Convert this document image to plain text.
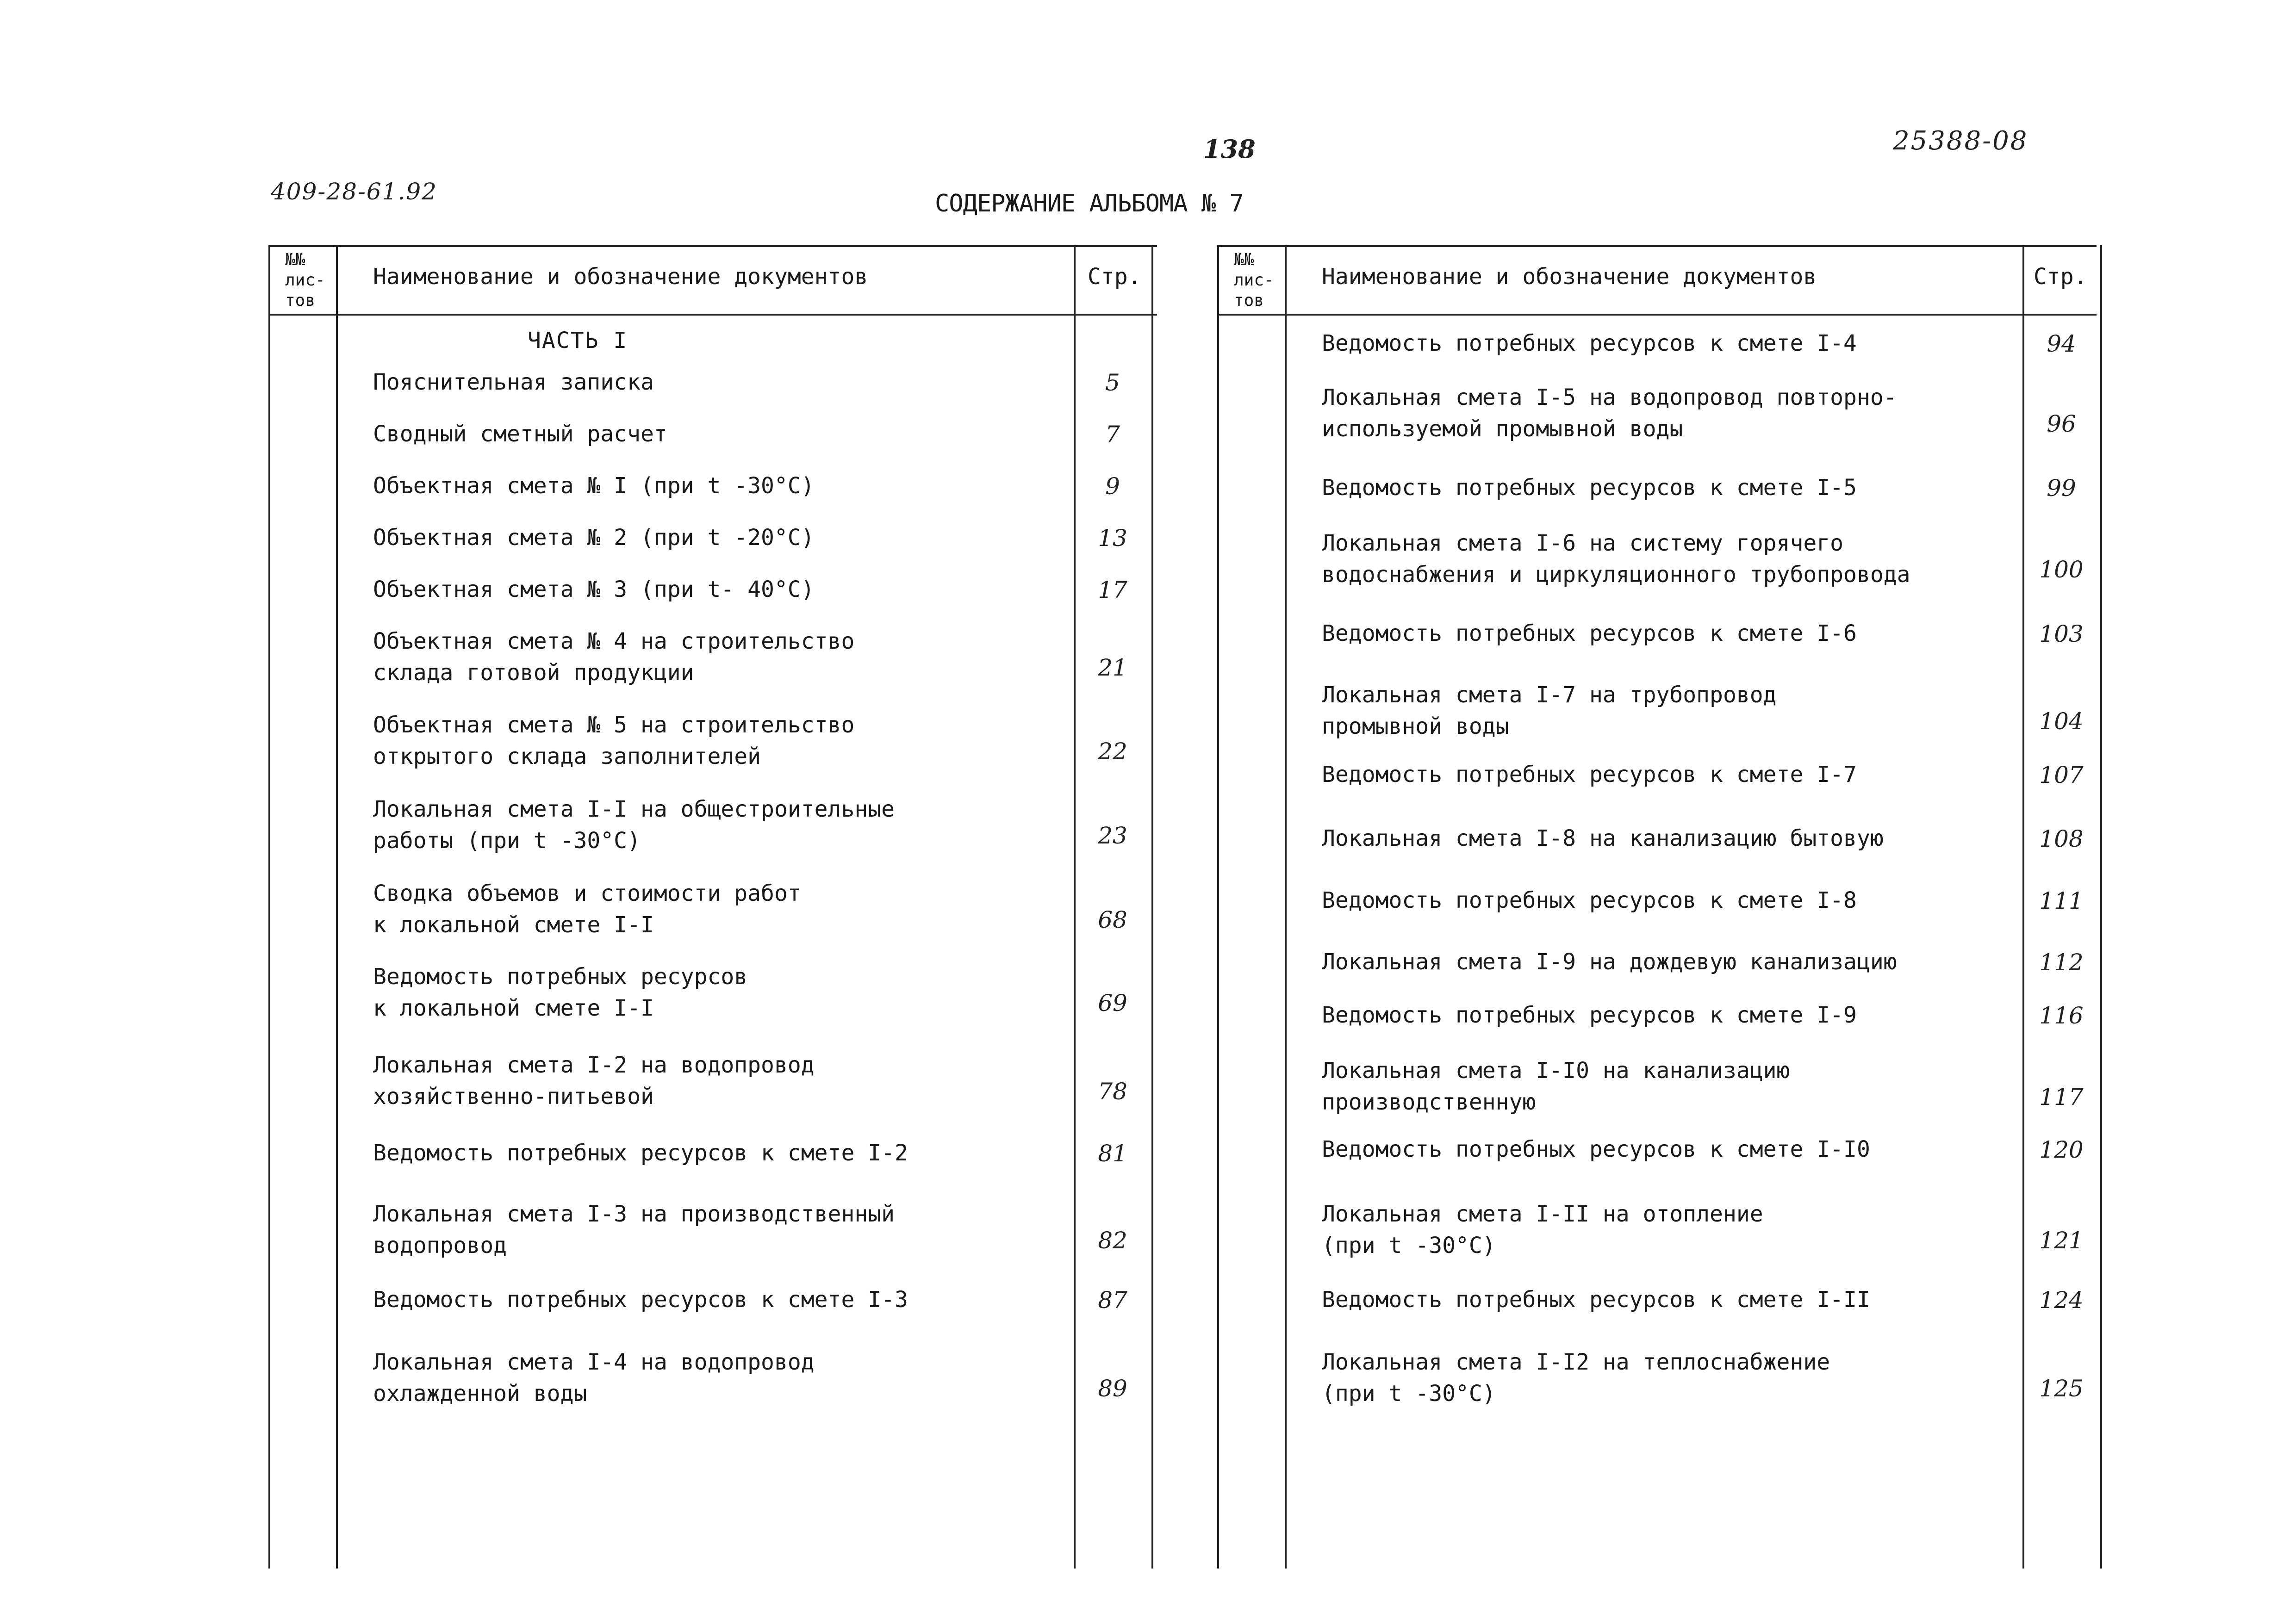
138	25388-08
409-28-61.92	СОДЕРЖАНИЕ АЛЬБОМА № 7
№№ лис- тов
Наименование и обозначение документов	Стр.
ЧАСТЬ I
Пояснительная записка	5
Сводный сметный расчет	7
Объектная смета № I (при t -30°С)	9
Объектная смета № 2 (при t -20°С)	13
Объектная смета № 3 (при t- 40°С)	17
Объектная смета № 4 на строительство
склада готовой продукции	21
Объектная смета № 5 на строительство
открытого склада заполнителей	22
Локальная смета I-I на общестроительные
работы (при t -30°С)	23
Сводка объемов и стоимости работ
к локальной смете I-I	68
Ведомость потребных ресурсов
к локальной смете I-I	69
Локальная смета I-2 на водопровод
хозяйственно-питьевой	78
Ведомость потребных ресурсов к смете I-2	81
Локальная смета I-3 на производственный
водопровод	82
Ведомость потребных ресурсов к смете I-3	87
Локальная смета I-4 на водопровод
охлажденной воды	89
№№ лис- тов
Наименование и обозначение документов	Стр.
Ведомость потребных ресурсов к смете I-4	94
Локальная смета I-5 на водопровод повторно-
используемой промывной воды	96
Ведомость потребных ресурсов к смете I-5	99
Локальная смета I-6 на систему горячего
водоснабжения и циркуляционного трубопровода	100
Ведомость потребных ресурсов к смете I-6	103
Локальная смета I-7 на трубопровод
промывной воды	104
Ведомость потребных ресурсов к смете I-7	107
Локальная смета I-8 на канализацию бытовую	108
Ведомость потребных ресурсов к смете I-8	111
Локальная смета I-9 на дождевую канализацию	112
Ведомость потребных ресурсов к смете I-9	116
Локальная смета I-I0 на канализацию
производственную	117
Ведомость потребных ресурсов к смете I-I0	120
Локальная смета I-II на отопление
(при t -30°С)	121
Ведомость потребных ресурсов к смете I-II	124
Локальная смета I-I2 на теплоснабжение
(при t -30°С)	125
